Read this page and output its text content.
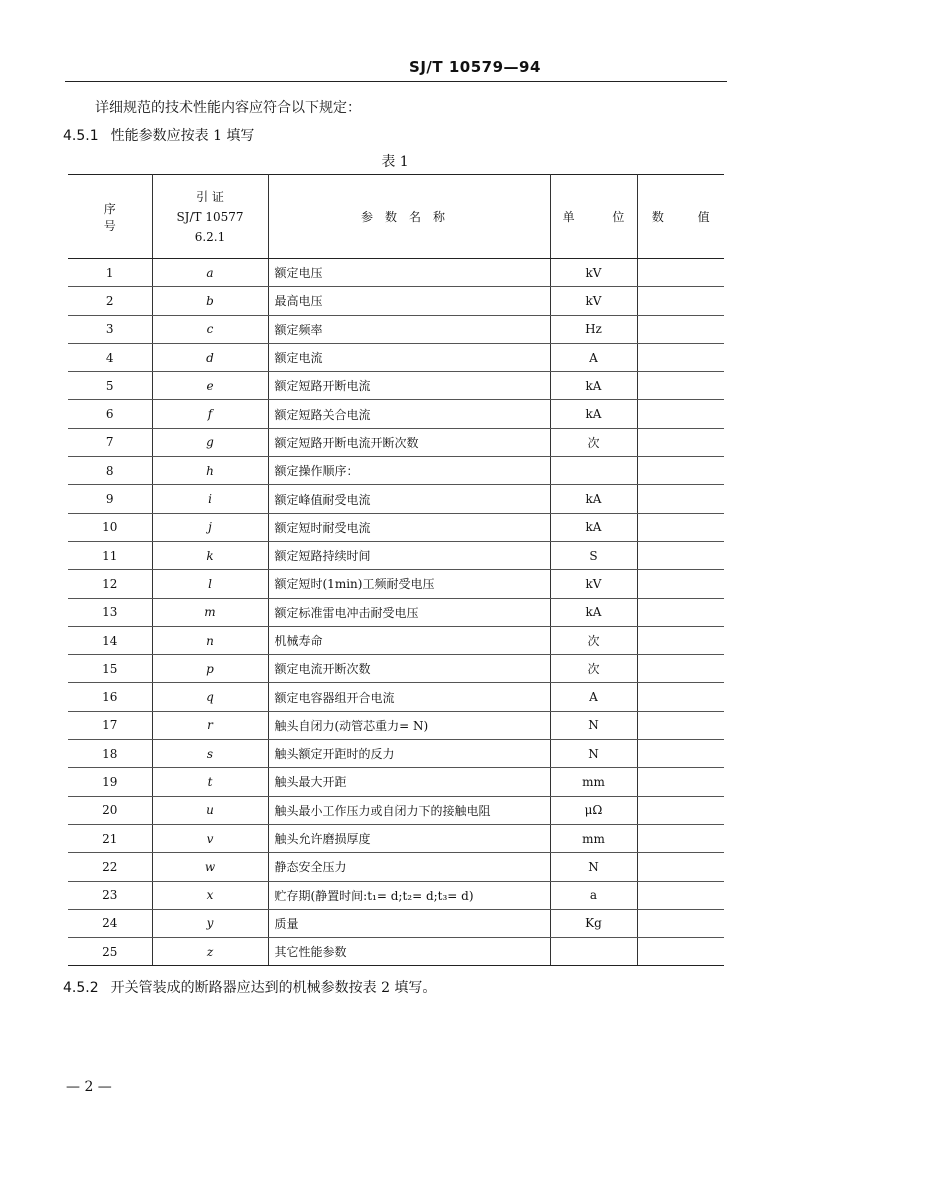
SJ/T 10579—94
详细规范的技术性能内容应符合以下规定：
4.5.1 性能参数应按表 1 填写
表 1
序 号	引 证
SJ/T 10577
6.2.1	参数名称	单 位	数 值
1	a	额定电压	kV	
2	b	最高电压	kV	
3	c	额定频率	Hz	
4	d	额定电流	A	
5	e	额定短路开断电流	kA	
6	f	额定短路关合电流	kA	
7	g	额定短路开断电流开断次数	次	
8	h	额定操作顺序：		
9	i	额定峰值耐受电流	kA	
10	j	额定短时耐受电流	kA	
11	k	额定短路持续时间	S	
12	l	额定短时(1min)工频耐受电压	kV	
13	m	额定标准雷电冲击耐受电压	kA	
14	n	机械寿命	次	
15	p	额定电流开断次数	次	
16	q	额定电容器组开合电流	A	
17	r	触头自闭力(动管芯重力= N)	N	
18	s	触头额定开距时的反力	N	
19	t	触头最大开距	mm	
20	u	触头最小工作压力或自闭力下的接触电阻	μΩ	
21	v	触头允许磨损厚度	mm	
22	w	静态安全压力	N	
23	x	贮存期(静置时间:t₁= d;t₂= d;t₃= d)	a	
24	y	质量	Kg	
25	z	其它性能参数		
4.5.2 开关管装成的断路器应达到的机械参数按表 2 填写。
— 2 —
